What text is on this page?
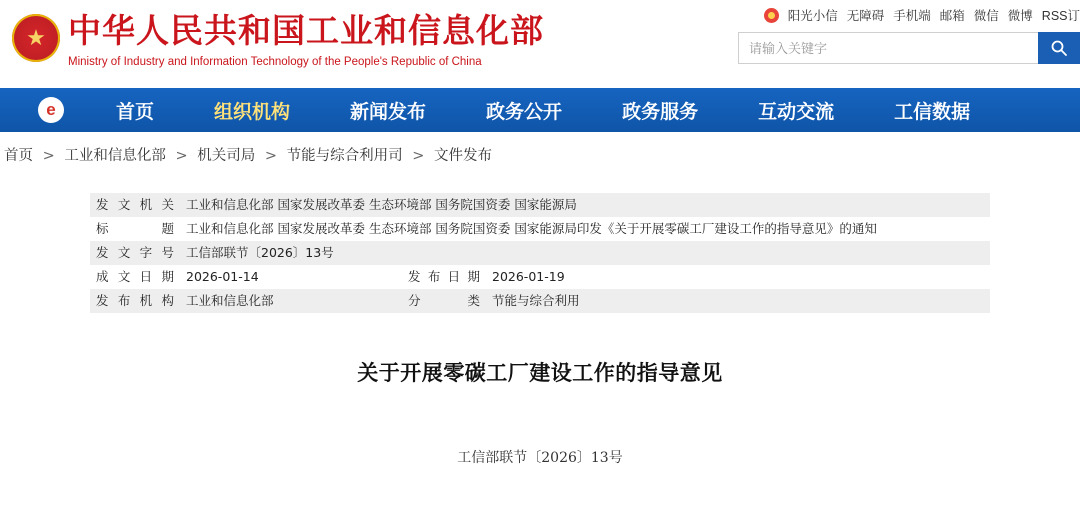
★ 中华人民共和国工业和信息化部
Ministry of Industry and Information Technology of the People's Republic of China
阳光小信 无障碍 手机端 邮箱 微信 微博 RSS订
请输入关键字
e	首页	组织机构	新闻发布	政务公开	政务服务	互动交流	工信数据
首页 > 工业和信息化部 > 机关司局 > 节能与综合利用司 > 文件发布
发文机关	工业和信息化部 国家发展改革委 生态环境部 国务院国资委 国家能源局		
标题	工业和信息化部 国家发展改革委 生态环境部 国务院国资委 国家能源局印发《关于开展零碳工厂建设工作的指导意见》的通知		
发文字号	工信部联节〔2026〕13号		
成文日期	2026-01-14	发布日期	2026-01-19
发布机构	工业和信息化部	分类	节能与综合利用
关于开展零碳工厂建设工作的指导意见
工信部联节〔2026〕13号
